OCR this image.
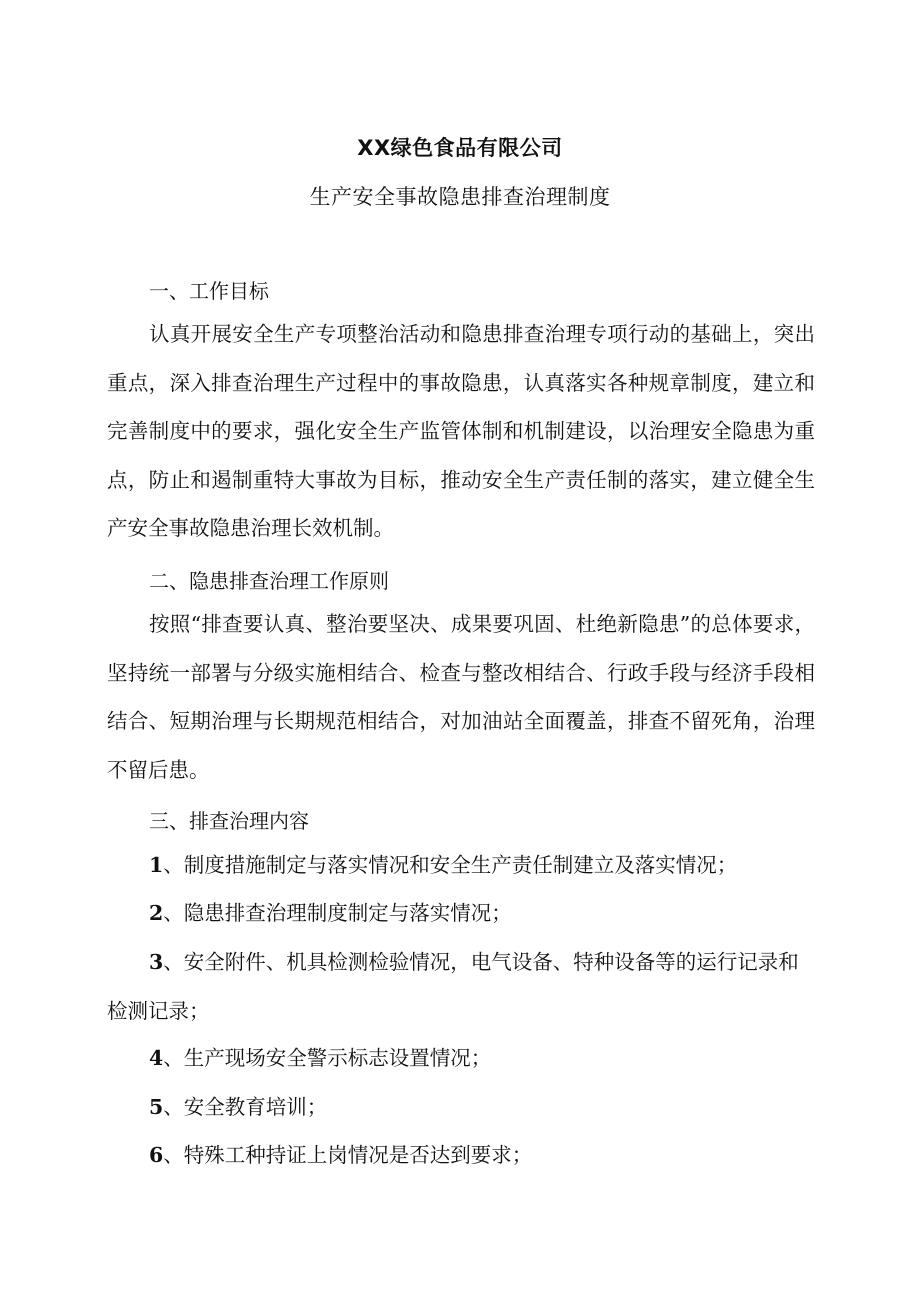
XX绿色食品有限公司
生产安全事故隐患排查治理制度
一、工作目标

认真开展安全生产专项整治活动和隐患排查治理专项行动的基础上，突出重点，深入排查治理生产过程中的事故隐患，认真落实各种规章制度，建立和完善制度中的要求，强化安全生产监管体制和机制建设，以治理安全隐患为重点，防止和遏制重特大事故为目标，推动安全生产责任制的落实，建立健全生产安全事故隐患治理长效机制。

二、隐患排查治理工作原则

按照“排查要认真、整治要坚决、成果要巩固、杜绝新隐患”的总体要求，坚持统一部署与分级实施相结合、检查与整改相结合、行政手段与经济手段相结合、短期治理与长期规范相结合，对加油站全面覆盖，排查不留死角，治理不留后患。

三、排查治理内容

1、制度措施制定与落实情况和安全生产责任制建立及落实情况；

2、隐患排查治理制度制定与落实情况；

3、安全附件、机具检测检验情况，电气设备、特种设备等的运行记录和检测记录；

4、生产现场安全警示标志设置情况；

5、安全教育培训；

6、特殊工种持证上岗情况是否达到要求；
